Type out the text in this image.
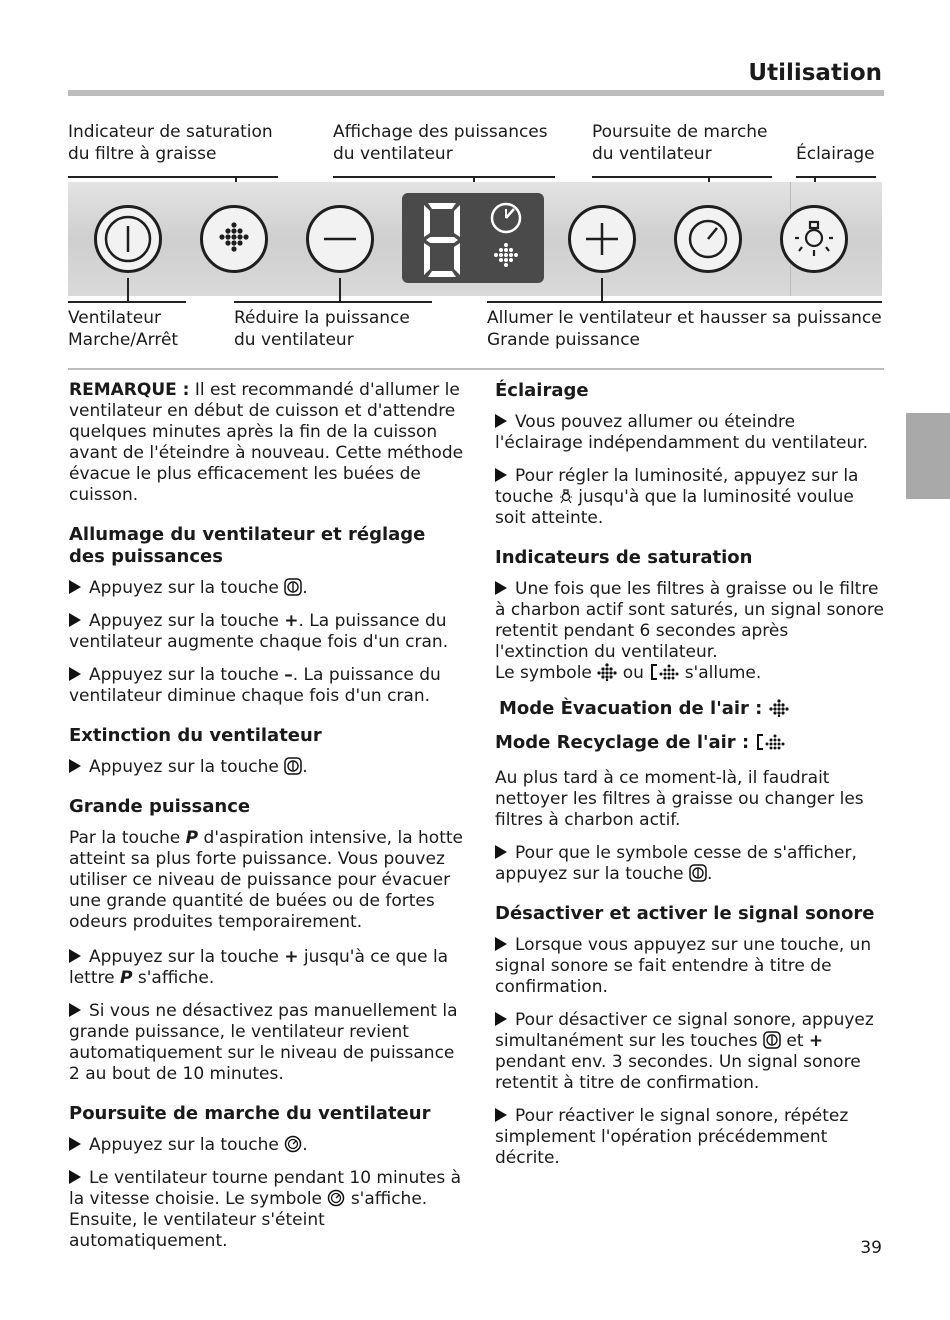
Utilisation
Indicateur de saturation
du filtre à graisse
Affichage des puissances
du ventilateur
Poursuite de marche
du ventilateur	Éclairage
Ventilateur
Marche/Arrêt
Réduire la puissance
du ventilateur
Allumer le ventilateur et hausser sa puissance
Grande puissance

REMARQUE : Il est recommandé d'allumer le ventilateur en début de cuisson et d'attendre quelques minutes après la fin de la cuisson avant de l'éteindre à nouveau. Cette méthode évacue le plus efficacement les buées de cuisson.

Allumage du ventilateur et réglage des puissances

Appuyez sur la touche .

Appuyez sur la touche +. La puissance du ventilateur augmente chaque fois d'un cran.

Appuyez sur la touche –. La puissance du ventilateur diminue chaque fois d'un cran.

Extinction du ventilateur

Appuyez sur la touche .

Grande puissance

Par la touche P d'aspiration intensive, la hotte atteint sa plus forte puissance. Vous pouvez utiliser ce niveau de puissance pour évacuer une grande quantité de buées ou de fortes odeurs produites temporairement.

Appuyez sur la touche + jusqu'à ce que la lettre P s'affiche.

Si vous ne désactivez pas manuellement la grande puissance, le ventilateur revient automatiquement sur le niveau de puissance 2 au bout de 10 minutes.

Poursuite de marche du ventilateur

Appuyez sur la touche .

Le ventilateur tourne pendant 10 minutes à la vitesse choisie. Le symbole  s'affiche. Ensuite, le ventilateur s'éteint automatiquement.

Éclairage

Vous pouvez allumer ou éteindre l'éclairage indépendamment du ventilateur.

Pour régler la luminosité, appuyez sur la touche  jusqu'à que la luminosité voulue soit atteinte.

Indicateurs de saturation

Une fois que les filtres à graisse ou le filtre à charbon actif sont saturés, un signal sonore retentit pendant 6 secondes après l'extinction du ventilateur.
Le symbole ou s'allume.

Mode Èvacuation de l'air :
Mode Recyclage de l'air :

Au plus tard à ce moment-là, il faudrait nettoyer les filtres à graisse ou changer les filtres à charbon actif.

Pour que le symbole cesse de s'afficher, appuyez sur la touche .

Désactiver et activer le signal sonore

Lorsque vous appuyez sur une touche, un signal sonore se fait entendre à titre de confirmation.

Pour désactiver ce signal sonore, appuyez simultanément sur les touches et +
pendant env. 3 secondes. Un signal sonore retentit à titre de confirmation.

Pour réactiver le signal sonore, répétez simplement l'opération précédemment décrite.

39
